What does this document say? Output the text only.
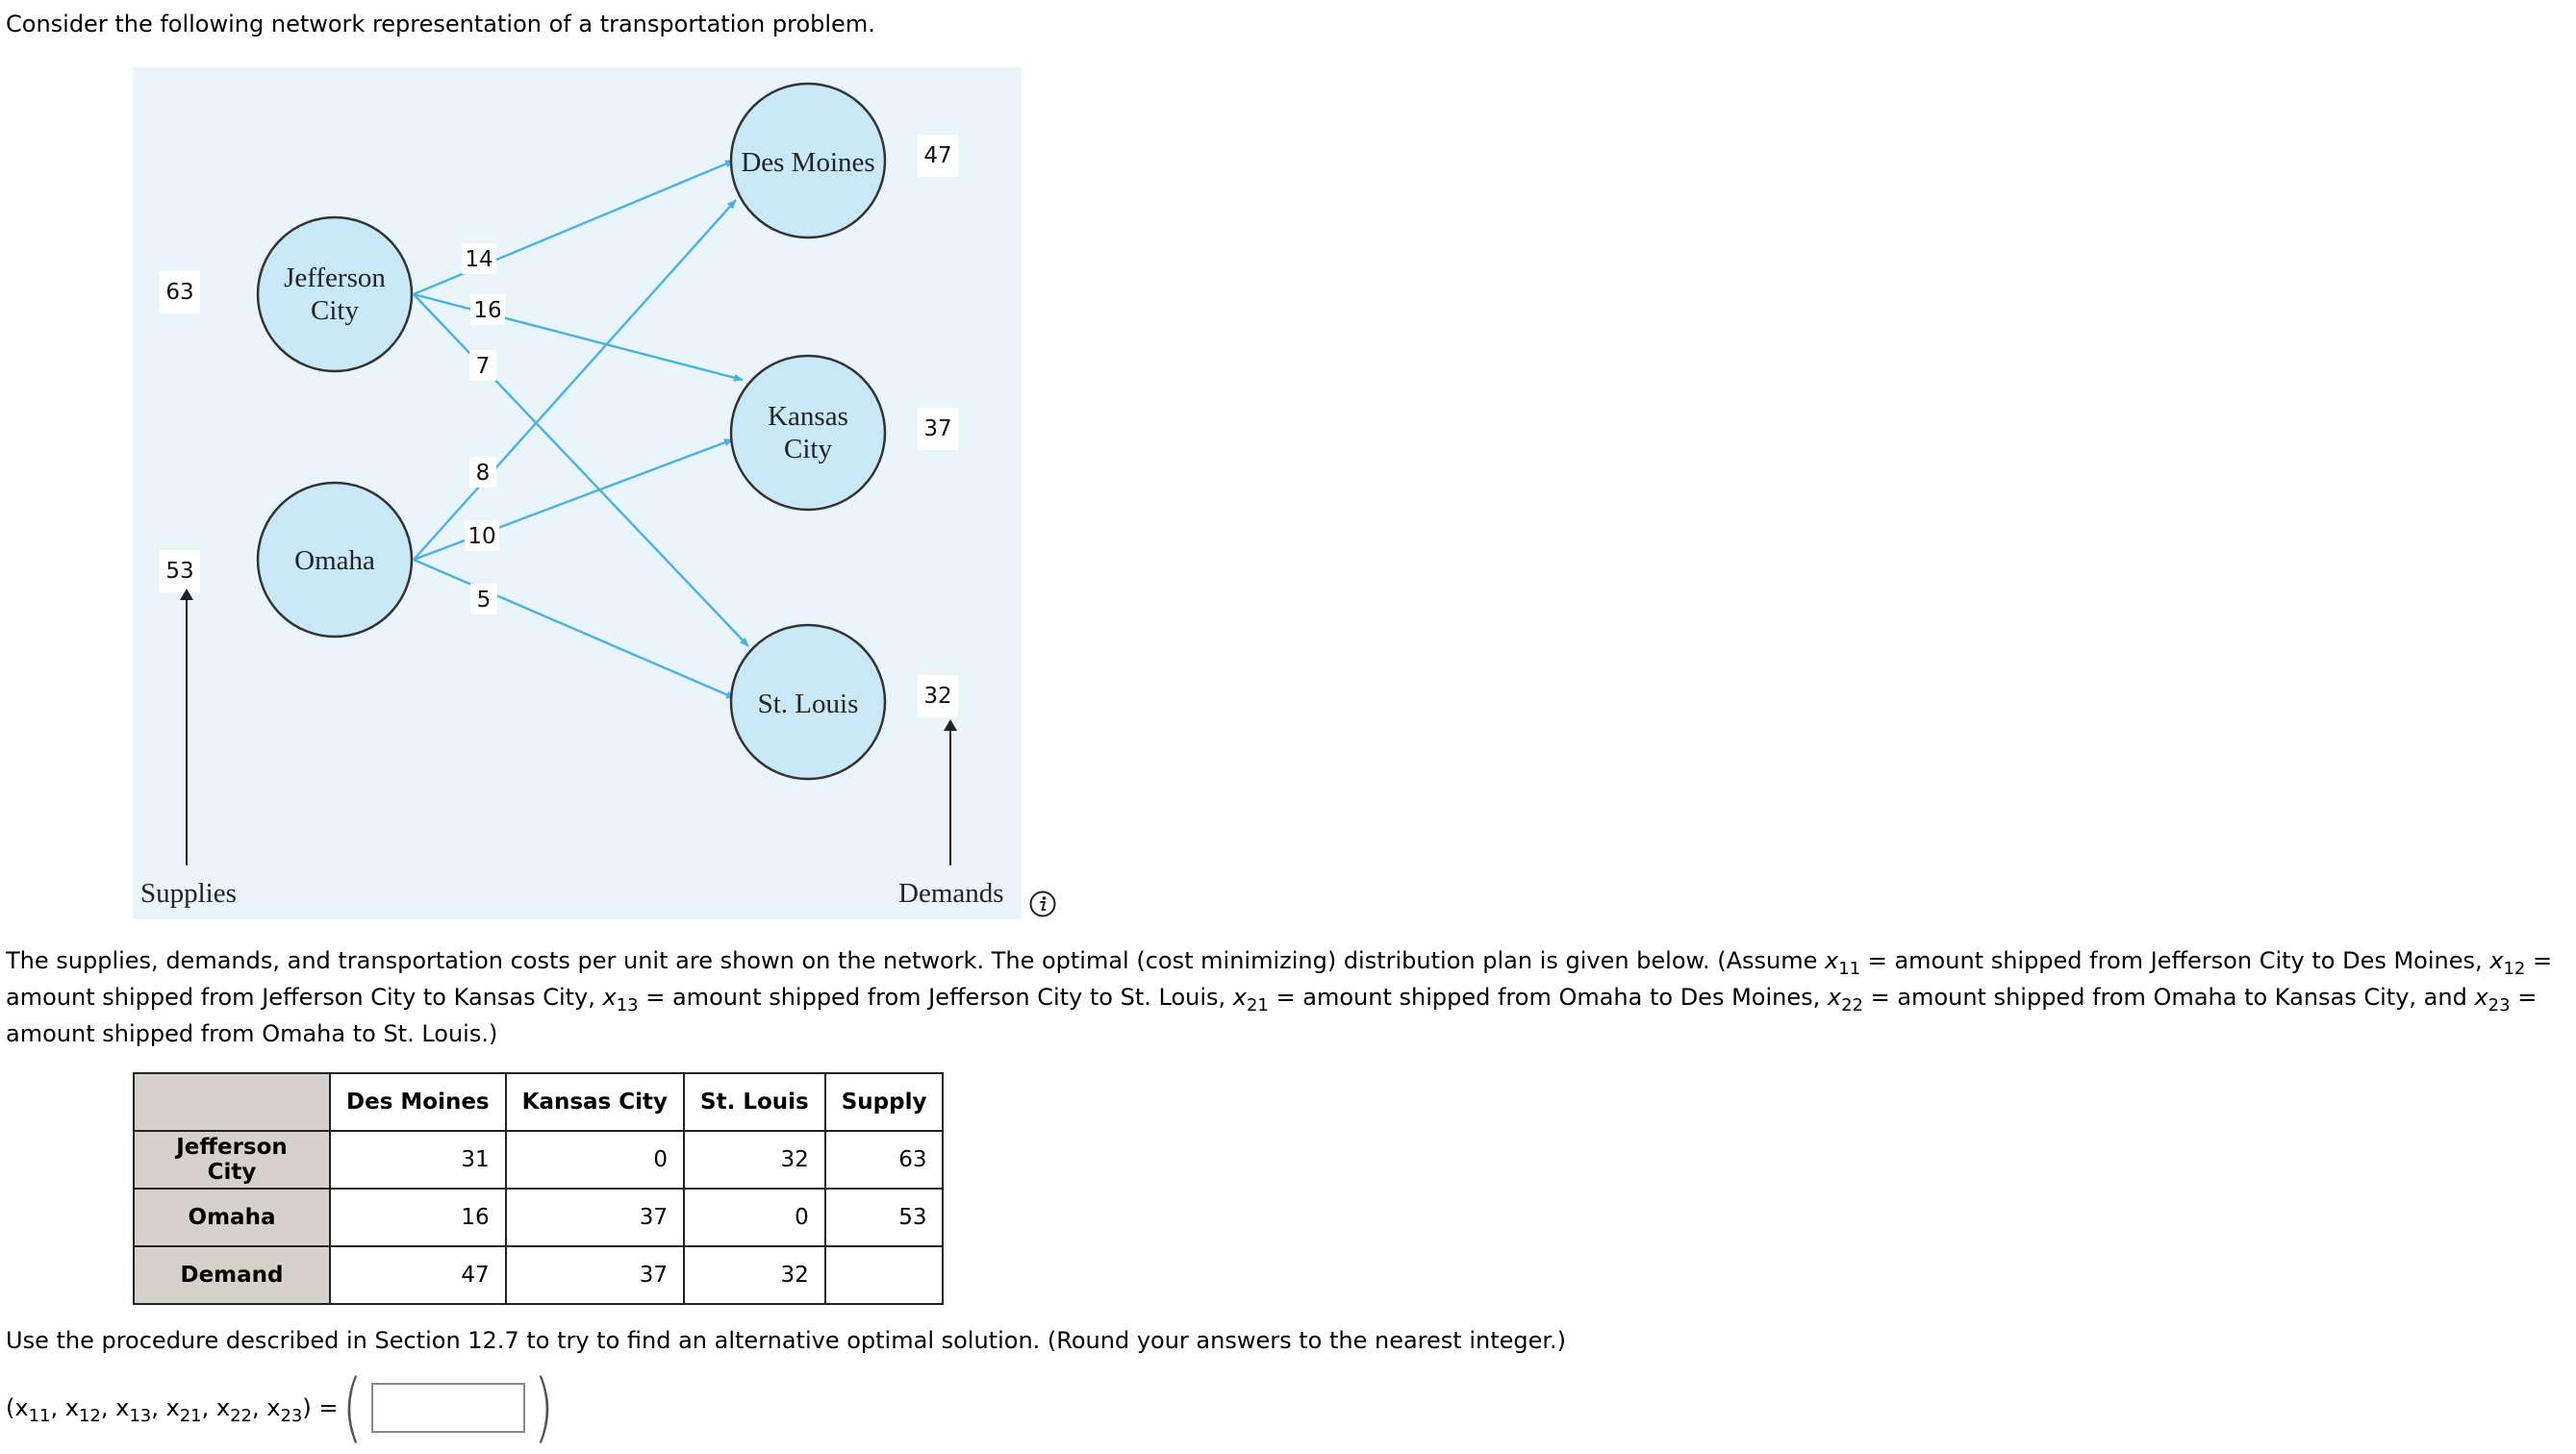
Consider the following network representation of a transportation problem.

14
16
7
8
10
5
Jefferson
City
Omaha
Des Moines
Kansas
City
St. Louis
63
53
47
37
32
Supplies	Demands

The supplies, demands, and transportation costs per unit are shown on the network. The optimal (cost minimizing) distribution plan is given below. (Assume $x_{11}$ = amount shipped from Jefferson City to Des Moines, $x_{12}$ = amount shipped from Jefferson City to Kansas City, $x_{13}$ = amount shipped from Jefferson City to St. Louis, $x_{21}$ = amount shipped from Omaha to Des Moines, $x_{22}$ = amount shipped from Omaha to Kansas City, and $x_{23}$ = amount shipped from Omaha to St. Louis.)

	Des Moines	Kansas City	St. Louis	Supply
Jefferson City	31	0	32	63
Omaha	16	37	0	53
Demand	47	37	32	

Use the procedure described in Section 12.7 to try to find an alternative optimal solution. (Round your answers to the nearest integer.)

($x_{11}$, $x_{12}$, $x_{13}$, $x_{21}$, $x_{22}$, $x_{23}$) = ( )
